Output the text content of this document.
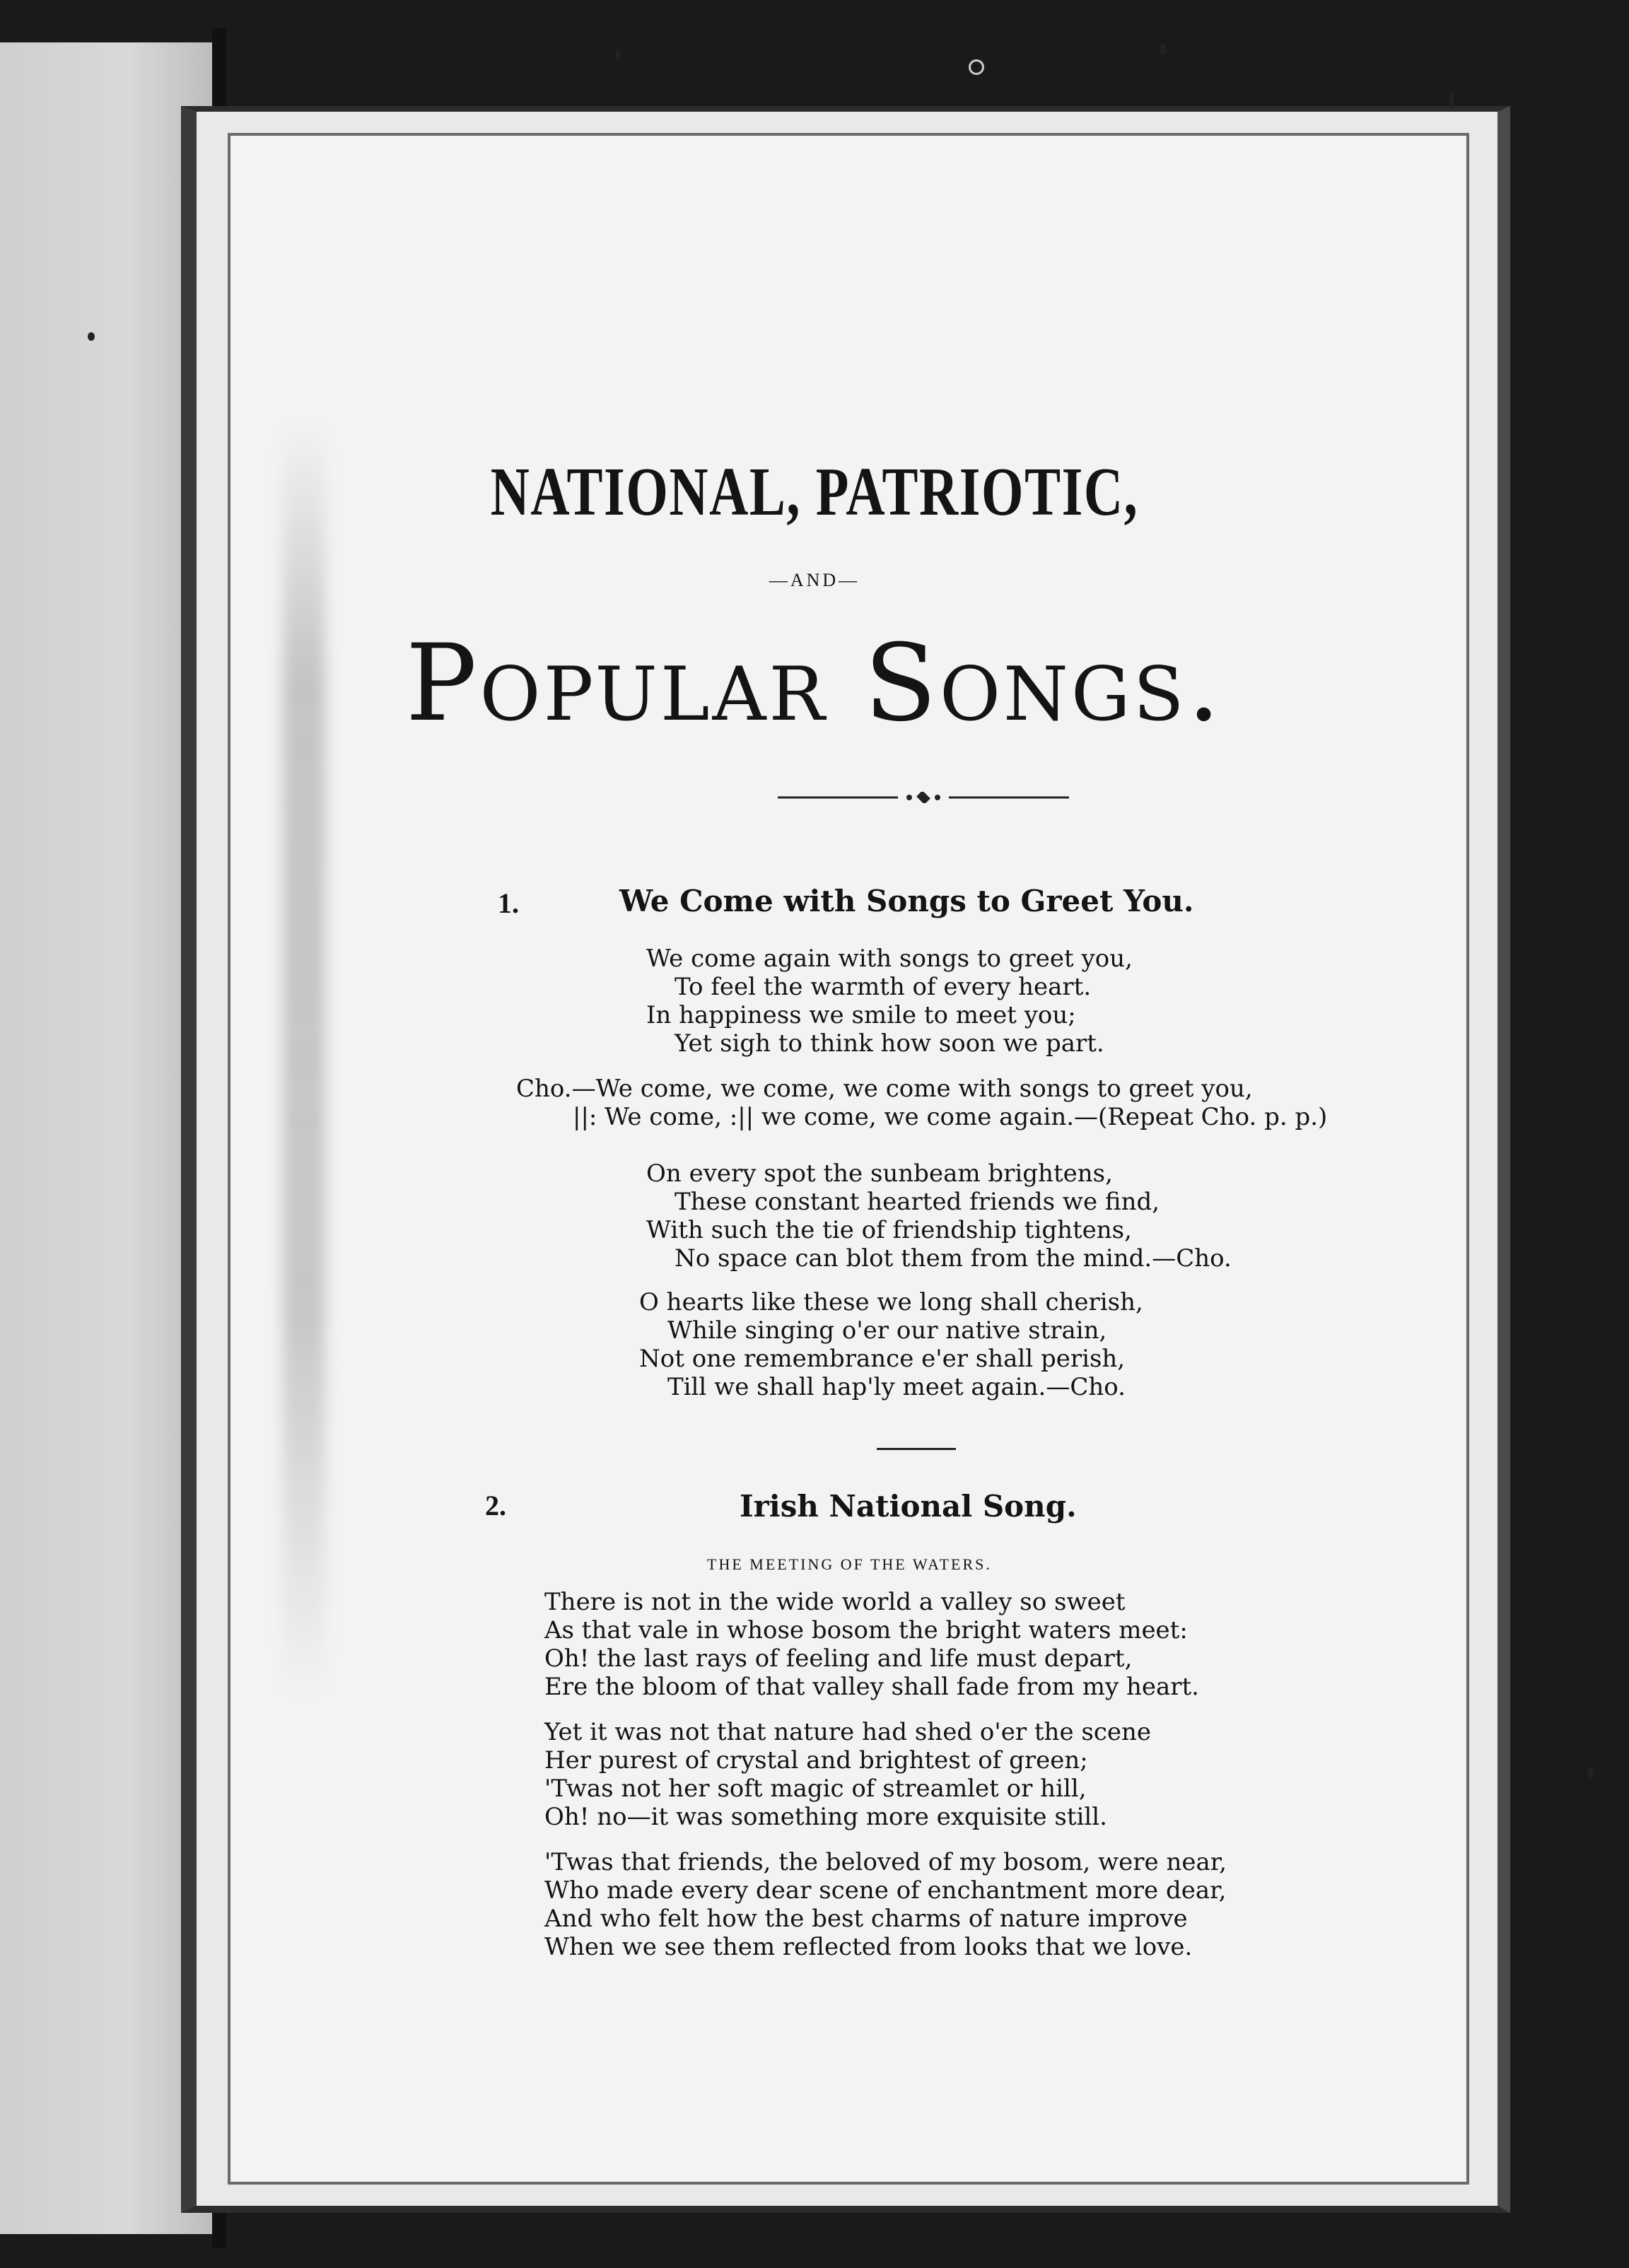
NATIONAL, PATRIOTIC,
—AND—
Popular Songs.
1.	We Come with Songs to Greet You.
We come again with songs to greet you,
To feel the warmth of every heart.
In happiness we smile to meet you;
Yet sigh to think how soon we part.
Cho.—We come, we come, we come with songs to greet you,
||: We come, :|| we come, we come again.—(Repeat Cho. p. p.)
On every spot the sunbeam brightens,
These constant hearted friends we find,
With such the tie of friendship tightens,
No space can blot them from the mind.—Cho.
O hearts like these we long shall cherish,
While singing o'er our native strain,
Not one remembrance e'er shall perish,
Till we shall hap'ly meet again.—Cho.
2.	Irish National Song.
THE MEETING OF THE WATERS.
There is not in the wide world a valley so sweet
As that vale in whose bosom the bright waters meet:
Oh! the last rays of feeling and life must depart,
Ere the bloom of that valley shall fade from my heart.
Yet it was not that nature had shed o'er the scene
Her purest of crystal and brightest of green;
'Twas not her soft magic of streamlet or hill,
Oh! no—it was something more exquisite still.
'Twas that friends, the beloved of my bosom, were near,
Who made every dear scene of enchantment more dear,
And who felt how the best charms of nature improve
When we see them reflected from looks that we love.
